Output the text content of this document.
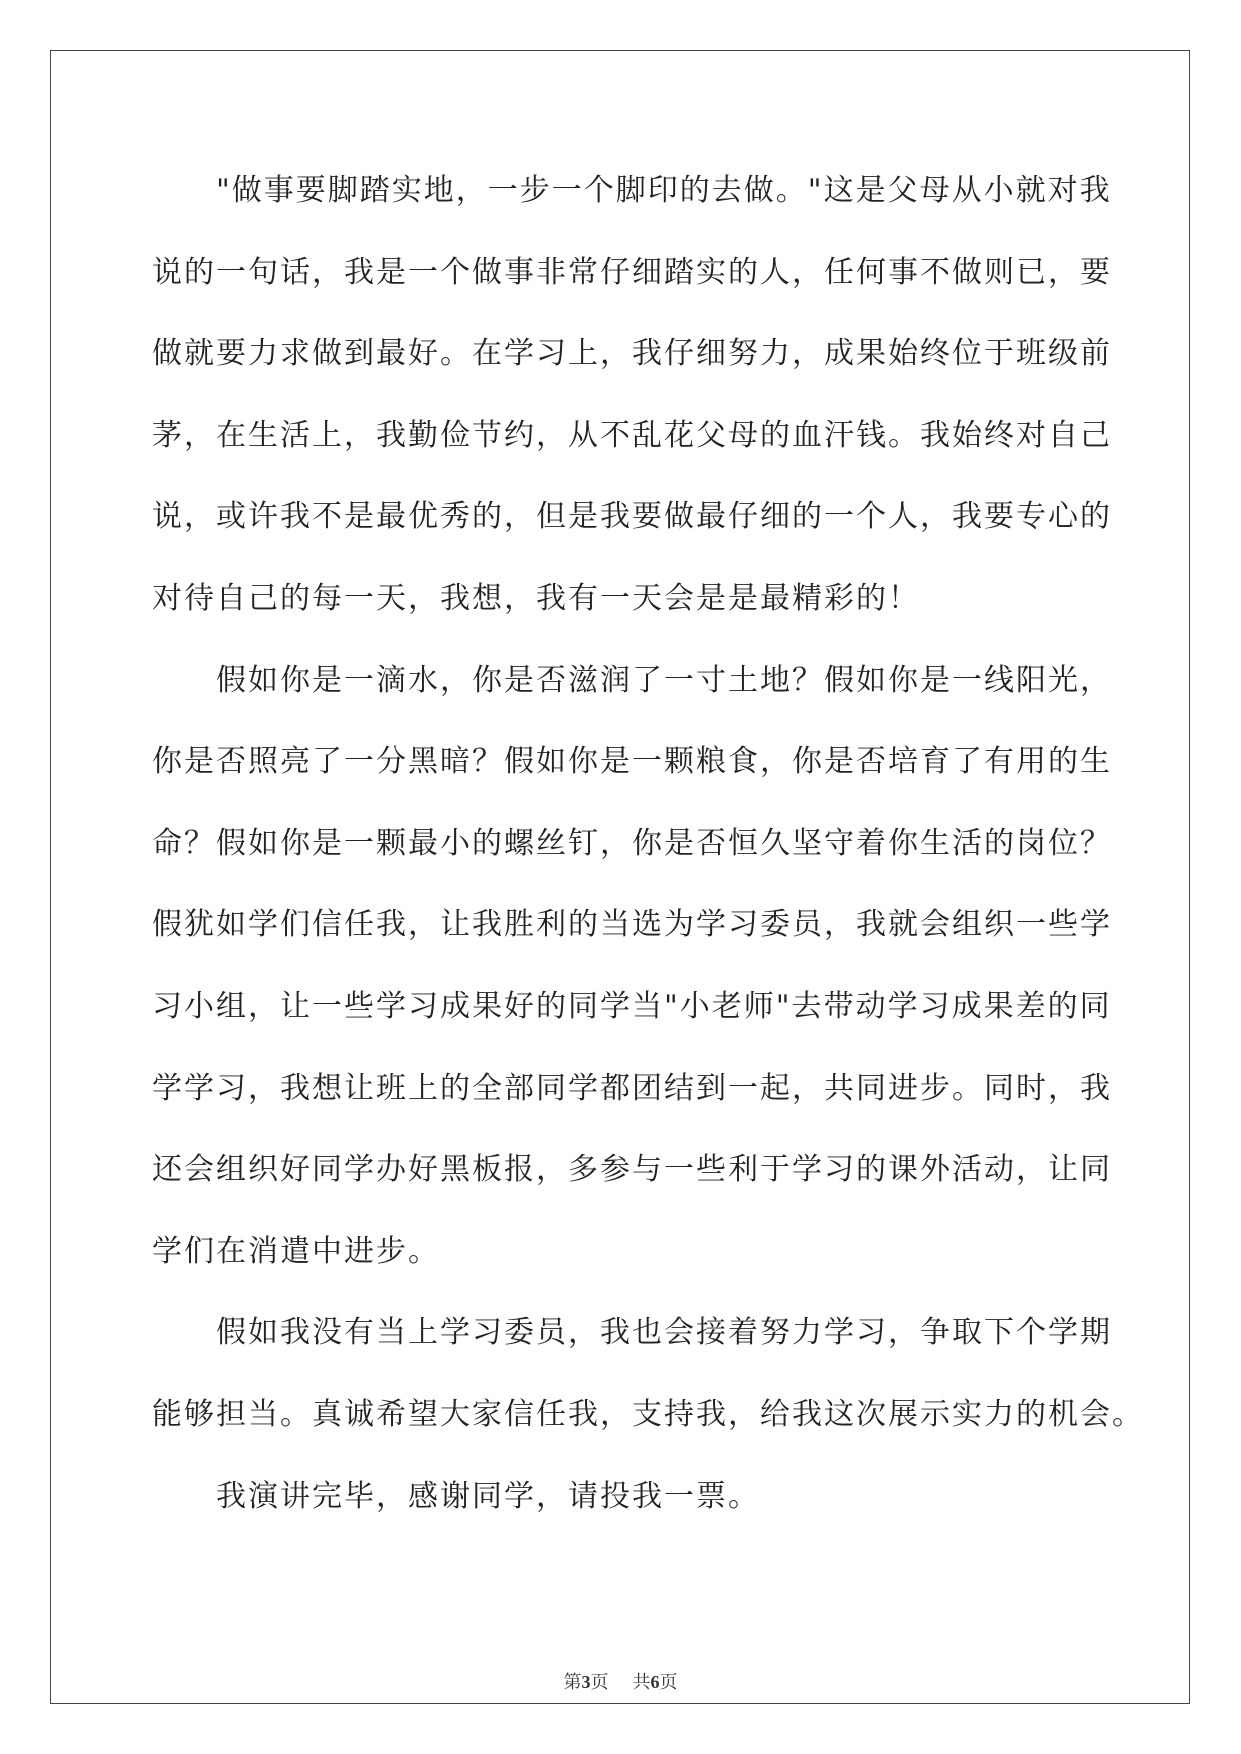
"做事要脚踏实地，一步一个脚印的去做。"这是父母从小就对我

说的一句话，我是一个做事非常仔细踏实的人，任何事不做则已，要

做就要力求做到最好。在学习上，我仔细努力，成果始终位于班级前

茅，在生活上，我勤俭节约，从不乱花父母的血汗钱。我始终对自己

说，或许我不是最优秀的，但是我要做最仔细的一个人，我要专心的

对待自己的每一天，我想，我有一天会是是最精彩的！

假如你是一滴水，你是否滋润了一寸土地？假如你是一线阳光，

你是否照亮了一分黑暗？假如你是一颗粮食，你是否培育了有用的生

命？假如你是一颗最小的螺丝钉，你是否恒久坚守着你生活的岗位？

假犹如学们信任我，让我胜利的当选为学习委员，我就会组织一些学

习小组，让一些学习成果好的同学当"小老师"去带动学习成果差的同

学学习，我想让班上的全部同学都团结到一起，共同进步。同时，我

还会组织好同学办好黑板报，多参与一些利于学习的课外活动，让同

学们在消遣中进步。

假如我没有当上学习委员，我也会接着努力学习，争取下个学期

能够担当。真诚希望大家信任我，支持我，给我这次展示实力的机会。

我演讲完毕，感谢同学，请投我一票。

第3页 共6页
